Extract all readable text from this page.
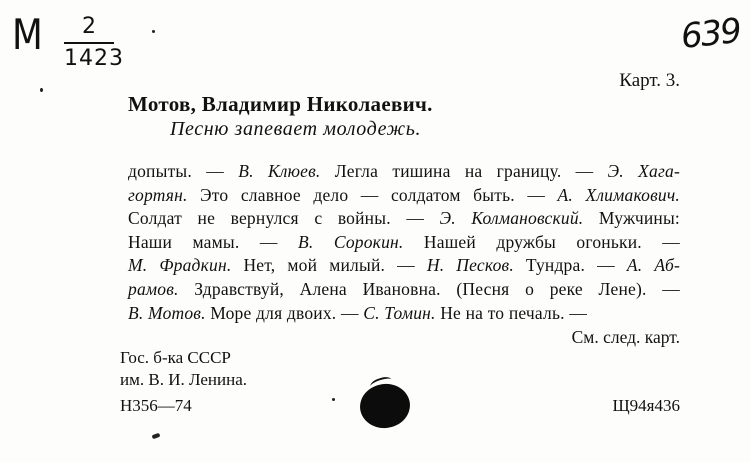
M	2
1423
639
Карт. 3.
Мотов, Владимир Николаевич.
Песню запевает молодежь.
допыты. — В. Клюев. Легла тишина на границу. — Э. Хага-
гортян. Это славное дело — солдатом быть. — А. Хлимакович.
Солдат не вернулся с войны. — Э. Колмановский. Мужчины:
Наши мамы. — В. Сорокин. Нашей дружбы огоньки. —
М. Фрадкин. Нет, мой милый. — Н. Песков. Тундра. — А. Аб-
рамов. Здравствуй, Алена Ивановна. (Песня о реке Лене). —
В. Мотов. Море для двоих. — С. Томин. Не на то печаль. —
См. след. карт.
Гос. б-ка СССР
им. В. И. Ленина.
Н356—74	Щ94я436
